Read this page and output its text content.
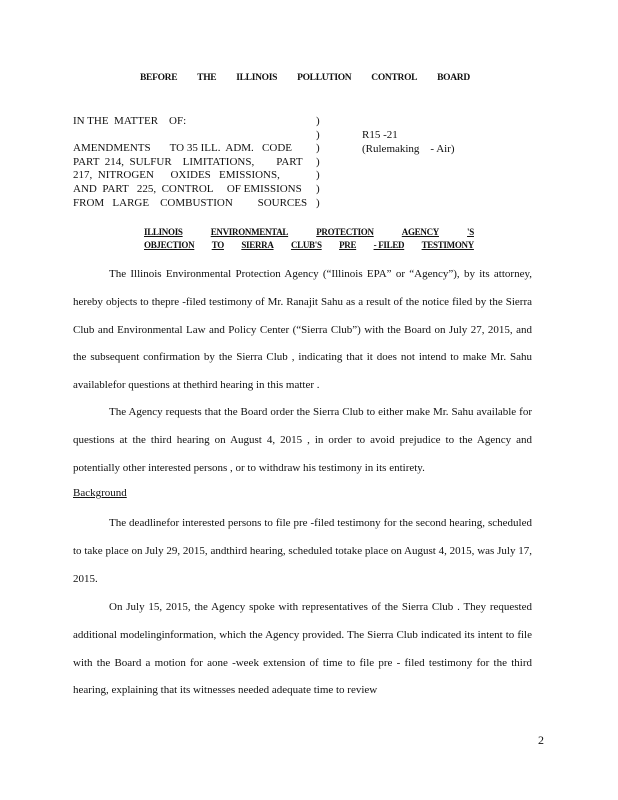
BEFORE THE ILLINOIS POLLUTION CONTROL BOARD
IN THE  MATTER    OF:

AMENDMENTS       TO 35 ILL.  ADM.   CODE
PART  214,  SULFUR    LIMITATIONS,        PART
217,  NITROGEN      OXIDES   EMISSIONS,
AND  PART   225,  CONTROL     OF EMISSIONS
FROM   LARGE    COMBUSTION         SOURCES
)
)
)
)
)
)
)
R15 -21
(Rulemaking    - Air)
ILLINOIS	ENVIRONMENTAL	PROTECTION	AGENCY	'S
OBJECTION TO SIERRA CLUB'S PRE - FILED TESTIMONY

The Illinois Environmental Protection Agency (“Illinois EPA” or “Agency”), by its attorney, hereby objects to thepre -filed testimony of Mr. Ranajit Sahu as a result of the notice filed by the Sierra Club and Environmental Law and Policy Center (“Sierra Club”) with the Board on July 27, 2015, and the subsequent confirmation by the Sierra Club , indicating that it does not intend to make Mr. Sahu availablefor questions at thethird hearing in this matter .

The Agency requests that the Board order the Sierra Club to either make Mr. Sahu available for questions at the third hearing on August 4, 2015 , in order to avoid prejudice to the Agency and potentially other interested persons , or to withdraw his testimony in its entirety.

Background

The deadlinefor interested persons to file pre -filed testimony for the second hearing, scheduled to take place on July 29, 2015, andthird hearing, scheduled totake place on August 4, 2015, was July 17, 2015.

On July 15, 2015, the Agency spoke with representatives of the Sierra Club . They requested additional modelinginformation, which the Agency provided. The Sierra Club indicated its intent to file with the Board a motion for aone -week extension of time to file pre - filed testimony for the third hearing, explaining that its witnesses needed adequate time to review

2
